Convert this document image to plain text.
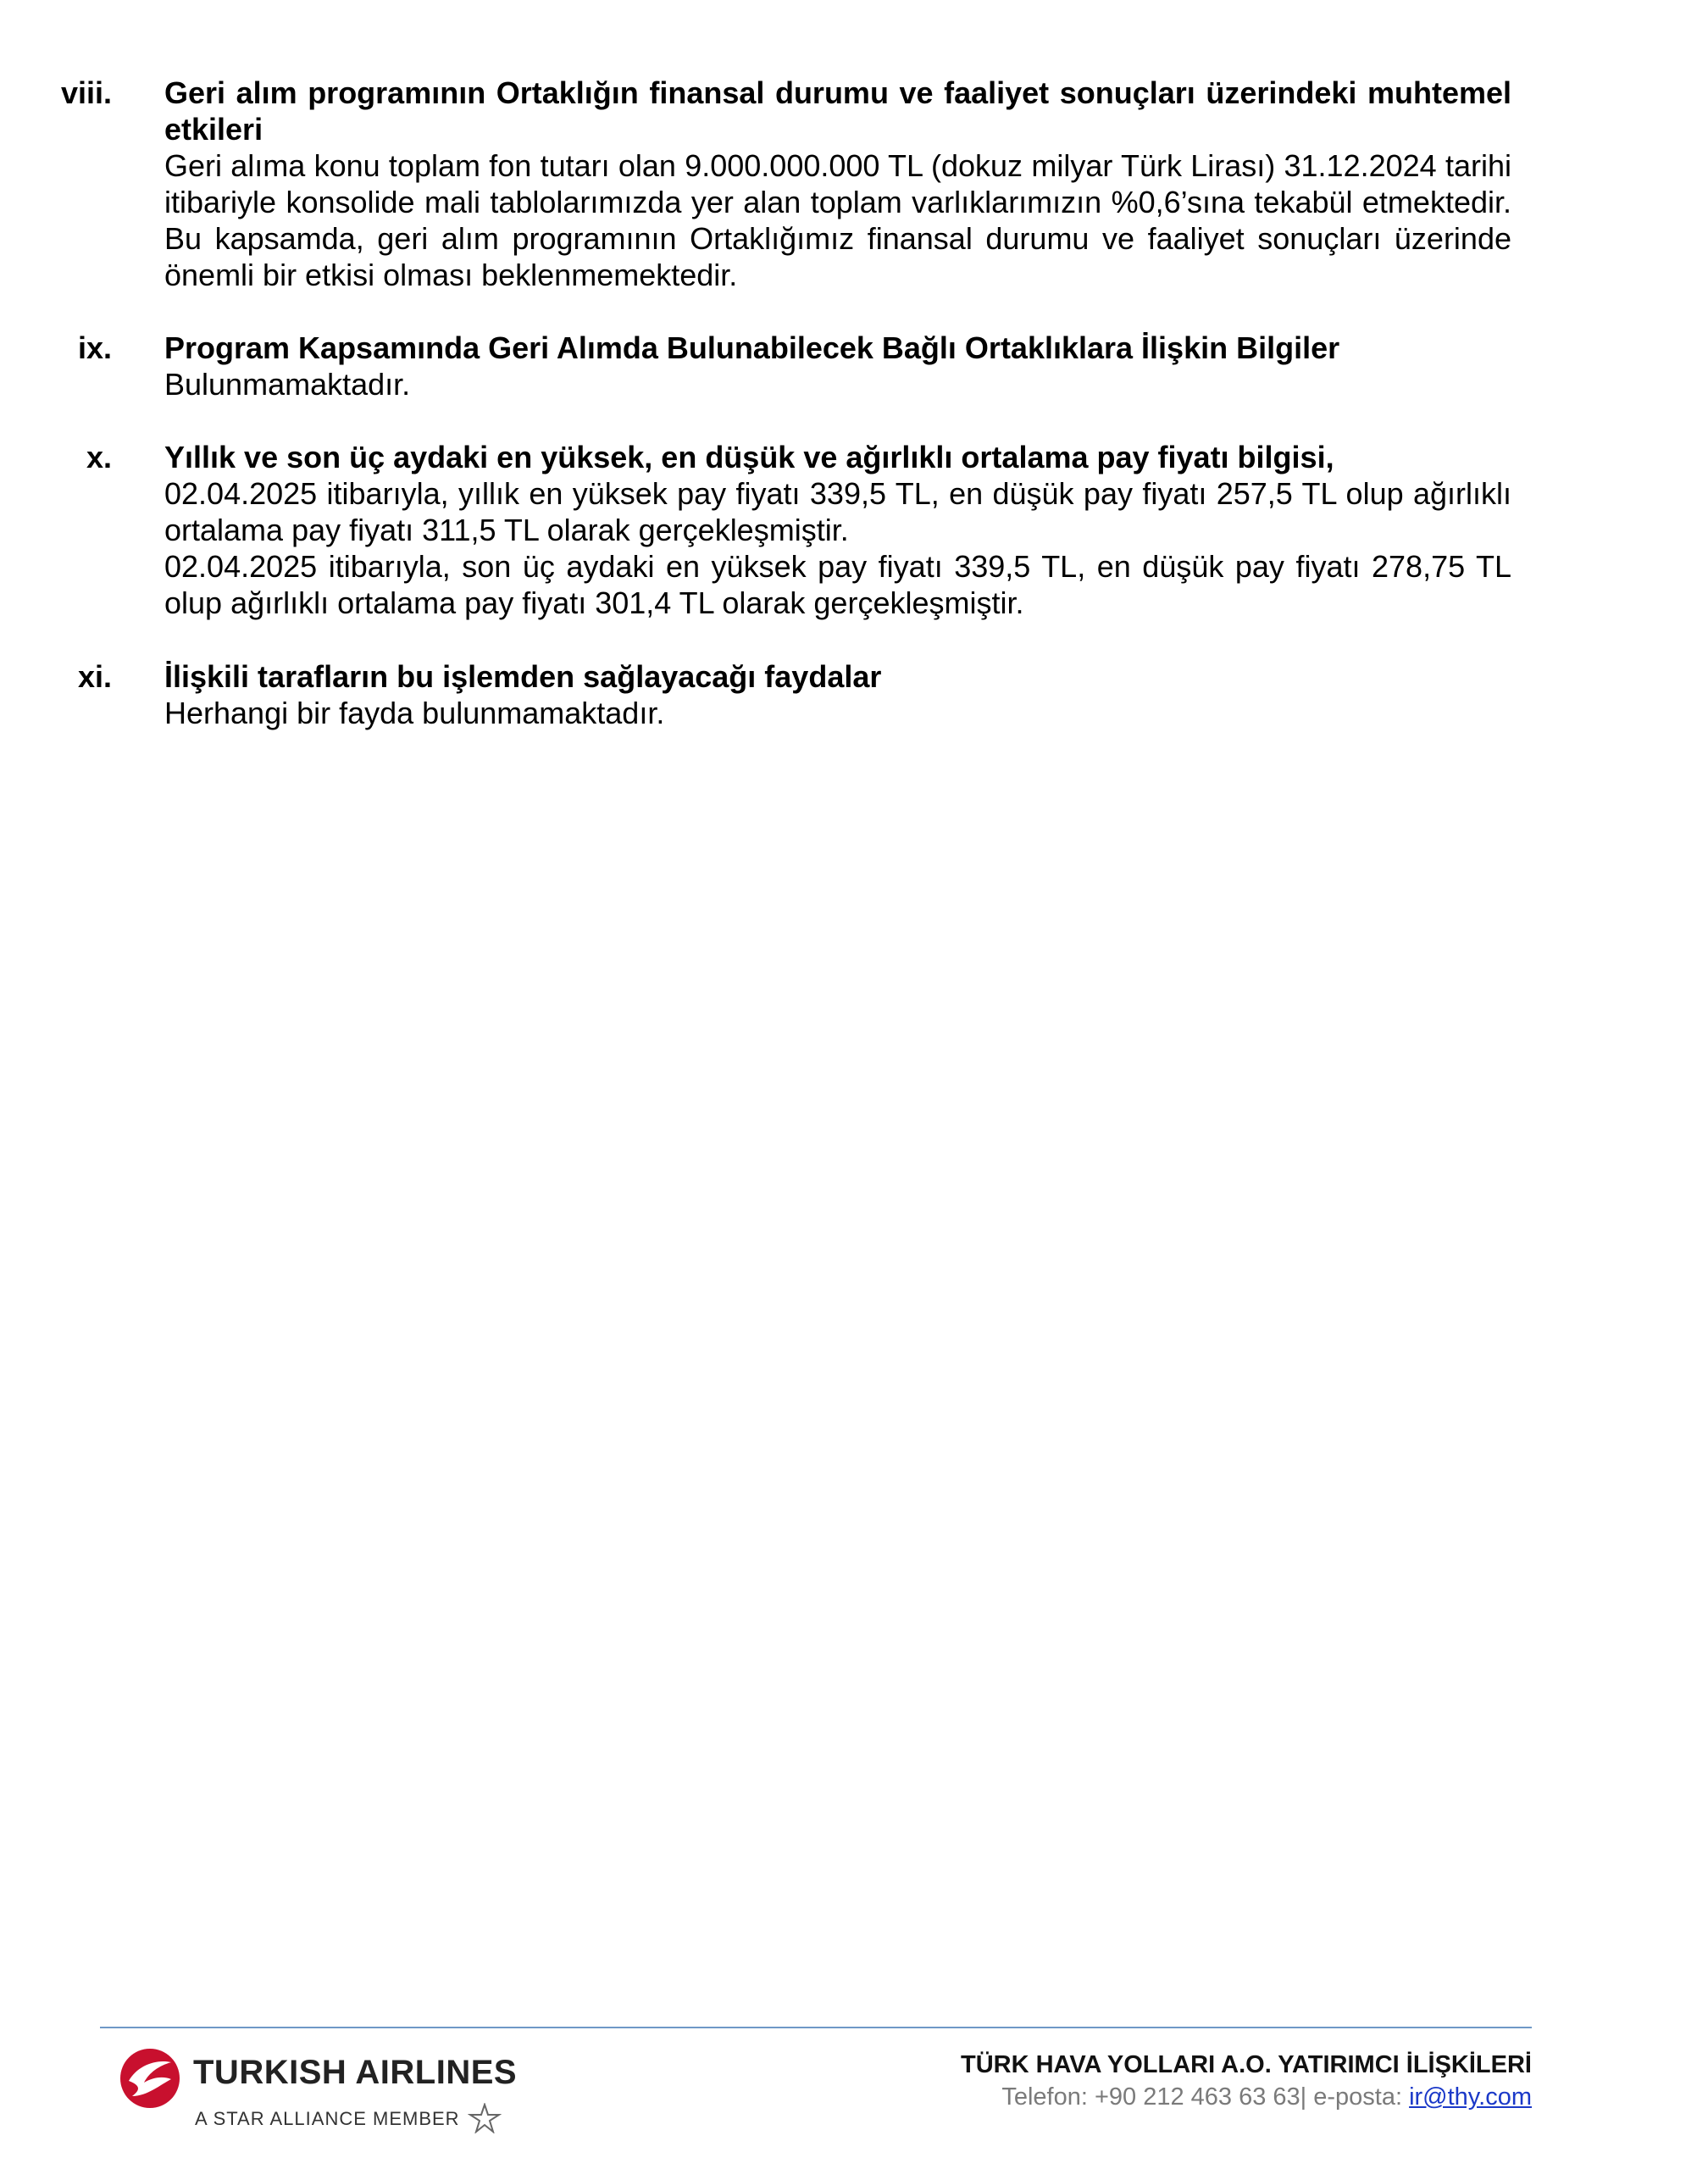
viii. Geri alım programının Ortaklığın finansal durumu ve faaliyet sonuçları üzerindeki muhtemel etkileri

Geri alıma konu toplam fon tutarı olan 9.000.000.000 TL (dokuz milyar Türk Lirası) 31.12.2024 tarihi itibariyle konsolide mali tablolarımızda yer alan toplam varlıklarımızın %0,6’sına tekabül etmektedir. Bu kapsamda, geri alım programının Ortaklığımız finansal durumu ve faaliyet sonuçları üzerinde önemli bir etkisi olması beklenmemektedir.

ix. Program Kapsamında Geri Alımda Bulunabilecek Bağlı Ortaklıklara İlişkin Bilgiler

Bulunmamaktadır.

x. Yıllık ve son üç aydaki en yüksek, en düşük ve ağırlıklı ortalama pay fiyatı bilgisi,

02.04.2025 itibarıyla, yıllık en yüksek pay fiyatı 339,5 TL, en düşük pay fiyatı 257,5 TL olup ağırlıklı ortalama pay fiyatı 311,5 TL olarak gerçekleşmiştir.

02.04.2025 itibarıyla, son üç aydaki en yüksek pay fiyatı 339,5 TL, en düşük pay fiyatı 278,75 TL olup ağırlıklı ortalama pay fiyatı 301,4 TL olarak gerçekleşmiştir.

xi. İlişkili tarafların bu işlemden sağlayacağı faydalar

Herhangi bir fayda bulunmamaktadır.

TURKISH AIRLINES
A STAR ALLIANCE MEMBER
TÜRK HAVA YOLLARI A.O. YATIRIMCI İLİŞKİLERİ
Telefon: +90 212 463 63 63| e-posta: ir@thy.com
